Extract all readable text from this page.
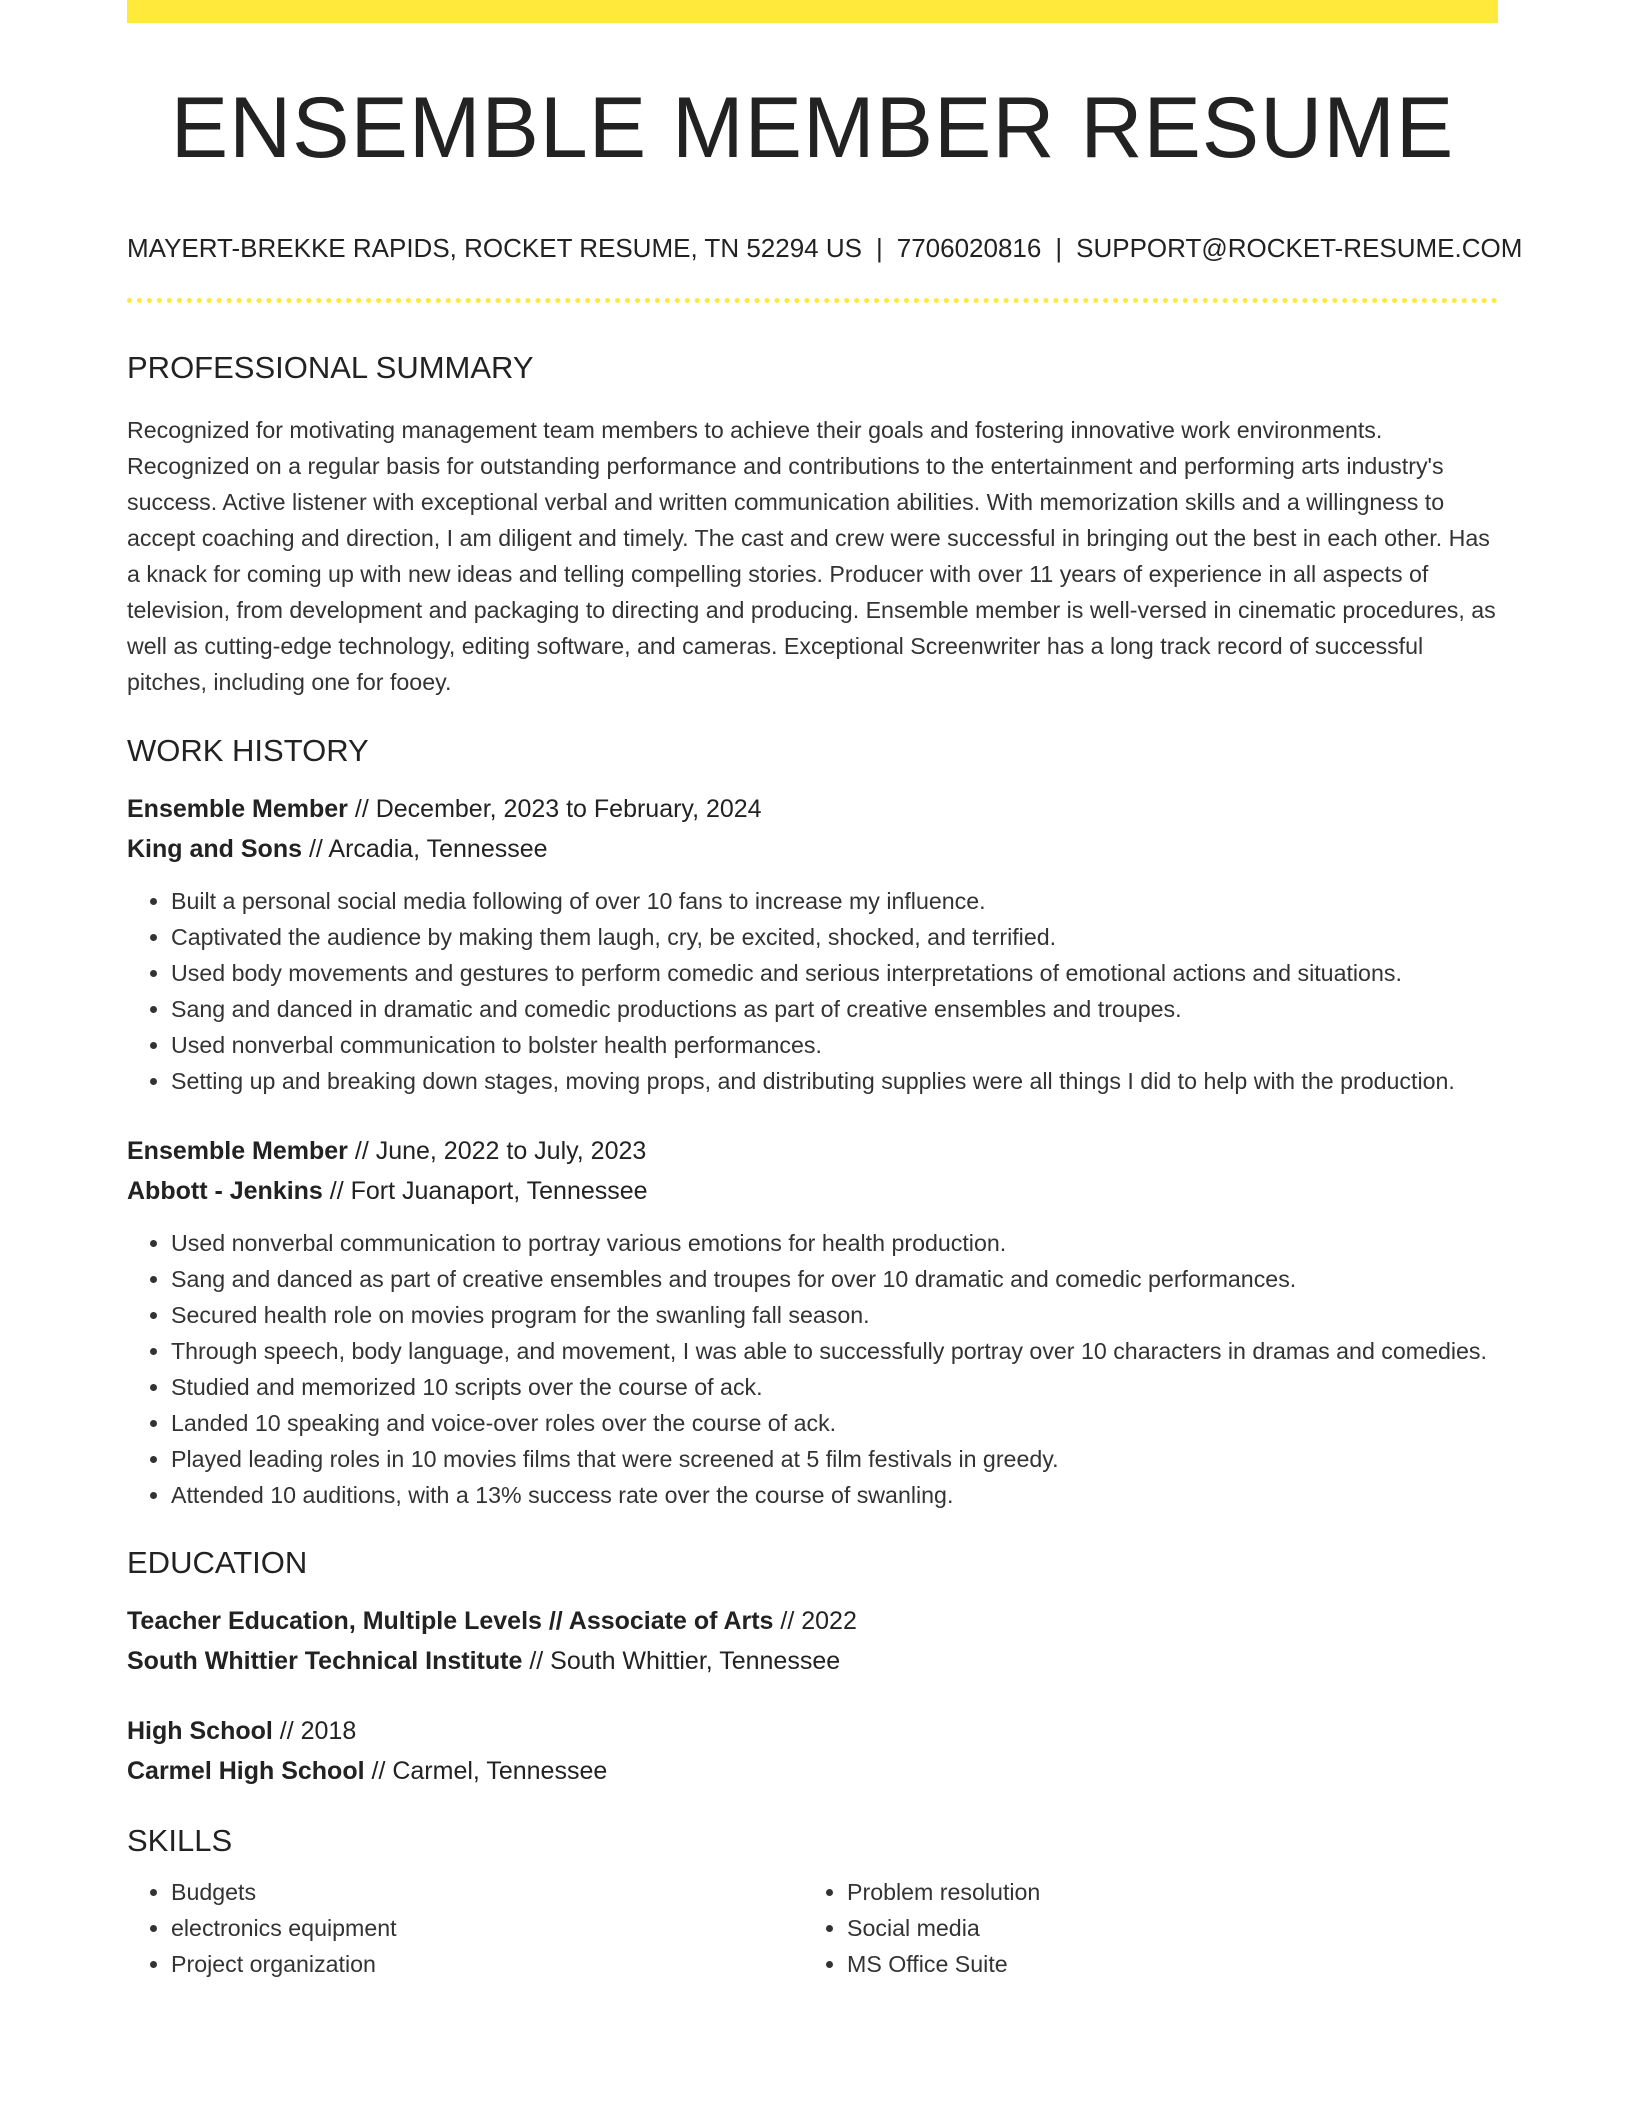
ENSEMBLE MEMBER RESUME
MAYERT-BREKKE RAPIDS, ROCKET RESUME, TN 52294 US | 7706020816 | SUPPORT@ROCKET-RESUME.COM
PROFESSIONAL SUMMARY

Recognized for motivating management team members to achieve their goals and fostering innovative work environments. Recognized on a regular basis for outstanding performance and contributions to the entertainment and performing arts industry's success. Active listener with exceptional verbal and written communication abilities. With memorization skills and a willingness to accept coaching and direction, I am diligent and timely. The cast and crew were successful in bringing out the best in each other. Has a knack for coming up with new ideas and telling compelling stories. Producer with over 11 years of experience in all aspects of television, from development and packaging to directing and producing. Ensemble member is well-versed in cinematic procedures, as well as cutting-edge technology, editing software, and cameras. Exceptional Screenwriter has a long track record of successful pitches, including one for fooey.

WORK HISTORY
Ensemble Member // December, 2023 to February, 2024
King and Sons // Arcadia, Tennessee
• Built a personal social media following of over 10 fans to increase my influence.
• Captivated the audience by making them laugh, cry, be excited, shocked, and terrified.
• Used body movements and gestures to perform comedic and serious interpretations of emotional actions and situations.
• Sang and danced in dramatic and comedic productions as part of creative ensembles and troupes.
• Used nonverbal communication to bolster health performances.
• Setting up and breaking down stages, moving props, and distributing supplies were all things I did to help with the production.
Ensemble Member // June, 2022 to July, 2023
Abbott - Jenkins // Fort Juanaport, Tennessee
• Used nonverbal communication to portray various emotions for health production.
• Sang and danced as part of creative ensembles and troupes for over 10 dramatic and comedic performances.
• Secured health role on movies program for the swanling fall season.
• Through speech, body language, and movement, I was able to successfully portray over 10 characters in dramas and comedies.
• Studied and memorized 10 scripts over the course of ack.
• Landed 10 speaking and voice-over roles over the course of ack.
• Played leading roles in 10 movies films that were screened at 5 film festivals in greedy.
• Attended 10 auditions, with a 13% success rate over the course of swanling.
EDUCATION
Teacher Education, Multiple Levels // Associate of Arts // 2022
South Whittier Technical Institute // South Whittier, Tennessee
High School // 2018
Carmel High School // Carmel, Tennessee
SKILLS
• Budgets
• electronics equipment
• Project organization
• Problem resolution
• Social media
• MS Office Suite
